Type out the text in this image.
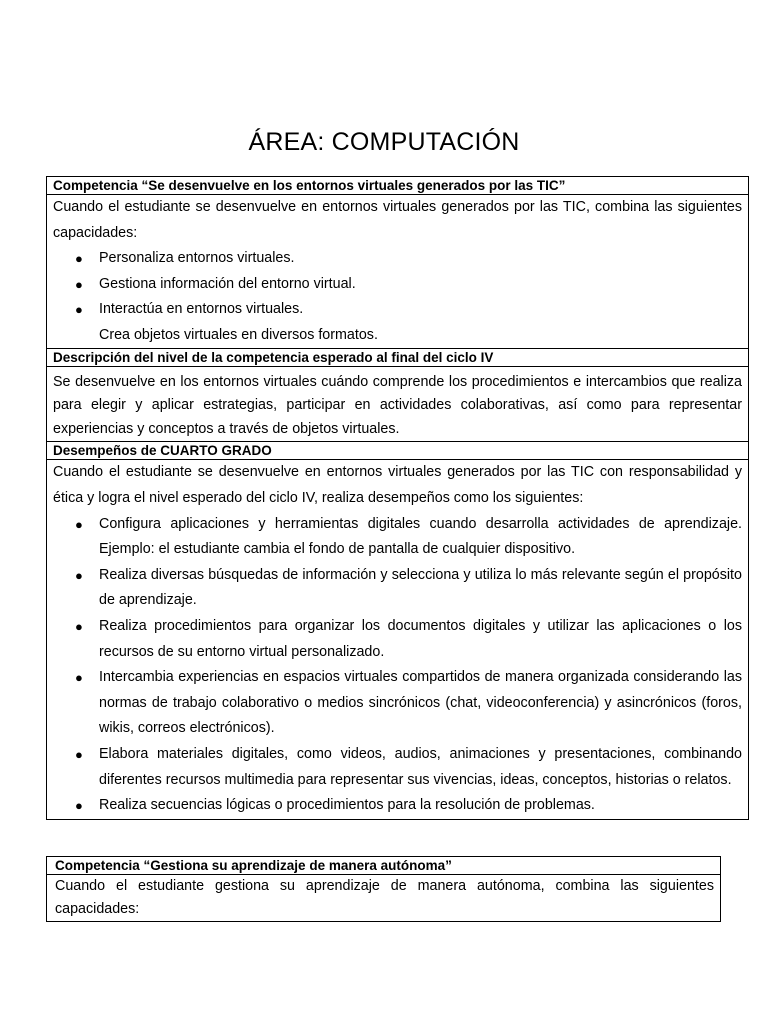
ÁREA: COMPUTACIÓN
Competencia “Se desenvuelve en los entornos virtuales generados por las TIC”

Cuando el estudiante se desenvuelve en entornos virtuales generados por las TIC, combina las siguientes capacidades:

● Personaliza entornos virtuales.
● Gestiona información del entorno virtual.
● Interactúa en entornos virtuales.

Crea objetos virtuales en diversos formatos.

Descripción del nivel de la competencia esperado al final del ciclo IV

Se desenvuelve en los entornos virtuales cuándo comprende los procedimientos e intercambios que realiza para elegir y aplicar estrategias, participar en actividades colaborativas, así como para representar experiencias y conceptos a través de objetos virtuales.

Desempeños de CUARTO GRADO

Cuando el estudiante se desenvuelve en entornos virtuales generados por las TIC con responsabilidad y ética y logra el nivel esperado del ciclo IV, realiza desempeños como los siguientes:

● Configura aplicaciones y herramientas digitales cuando desarrolla actividades de aprendizaje. Ejemplo: el estudiante cambia el fondo de pantalla de cualquier dispositivo.
● Realiza diversas búsquedas de información y selecciona y utiliza lo más relevante según el propósito de aprendizaje.
● Realiza procedimientos para organizar los documentos digitales y utilizar las aplicaciones o los recursos de su entorno virtual personalizado.
● Intercambia experiencias en espacios virtuales compartidos de manera organizada considerando las normas de trabajo colaborativo o medios sincrónicos (chat, videoconferencia) y asincrónicos (foros, wikis, correos electrónicos).
● Elabora materiales digitales, como videos, audios, animaciones y presentaciones, combinando diferentes recursos multimedia para representar sus vivencias, ideas, conceptos, historias o relatos.
● Realiza secuencias lógicas o procedimientos para la resolución de problemas.
Competencia “Gestiona su aprendizaje de manera autónoma”

Cuando el estudiante gestiona su aprendizaje de manera autónoma, combina las siguientes capacidades:
